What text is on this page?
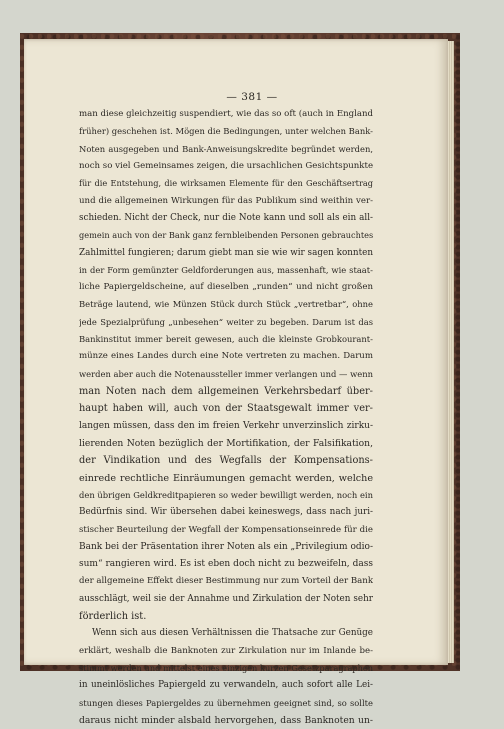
— 381 —
man diese gleichzeitig suspendiert, wie das so oft (auch in England
früher) geschehen ist. Mögen die Bedingungen, unter welchen Bank-
Noten ausgegeben und Bank-Anweisungskredite begründet werden,
noch so viel Gemeinsames zeigen, die ursachlichen Gesichtspunkte
für die Entstehung, die wirksamen Elemente für den Geschäftsertrag
und die allgemeinen Wirkungen für das Publikum sind weithin ver-
schieden. Nicht der Check, nur die Note kann und soll als ein all-
gemein auch von der Bank ganz fernbleibenden Personen gebrauchtes
Zahlmittel fungieren; darum giebt man sie wie wir sagen konnten
in der Form gemünzter Geldforderungen aus, massenhaft, wie staat-
liche Papiergeldscheine, auf dieselben „runden“ und nicht großen
Beträge lautend, wie Münzen Stück durch Stück „vertretbar“, ohne
jede Spezialprüfung „unbesehen“ weiter zu begeben. Darum ist das
Bankinstitut immer bereit gewesen, auch die kleinste Grobkourant-
münze eines Landes durch eine Note vertreten zu machen. Darum
werden aber auch die Notenaussteller immer verlangen und — wenn
man Noten nach dem allgemeinen Verkehrsbedarf über-
haupt haben will, auch von der Staatsgewalt immer ver-
langen müssen, dass den im freien Verkehr unverzinslich zirku-
lierenden Noten bezüglich der Mortifikation, der Falsifikation,
der Vindikation und des Wegfalls der Kompensations-
einrede rechtliche Einräumungen gemacht werden, welche
den übrigen Geldkreditpapieren so weder bewilligt werden, noch ein
Bedürfnis sind. Wir übersehen dabei keineswegs, dass nach juri-
stischer Beurteilung der Wegfall der Kompensationseinrede für die
Bank bei der Präsentation ihrer Noten als ein „Privilegium odio-
sum“ rangieren wird. Es ist eben doch nicht zu bezweifeln, dass
der allgemeine Effekt dieser Bestimmung nur zum Vorteil der Bank
ausschlägt, weil sie der Annahme und Zirkulation der Noten sehr
förderlich ist.
Wenn sich aus diesen Verhältnissen die Thatsache zur Genüge
erklärt, weshalb die Banknoten zur Zirkulation nur im Inlande be-
stimmt werden und mittelst eines einzigen kurzen Gesetzparagraphen
in uneinlösliches Papiergeld zu verwandeln, auch sofort alle Lei-
stungen dieses Papiergeldes zu übernehmen geeignet sind, so sollte
daraus nicht minder alsbald hervorgehen, dass Banknoten un-
